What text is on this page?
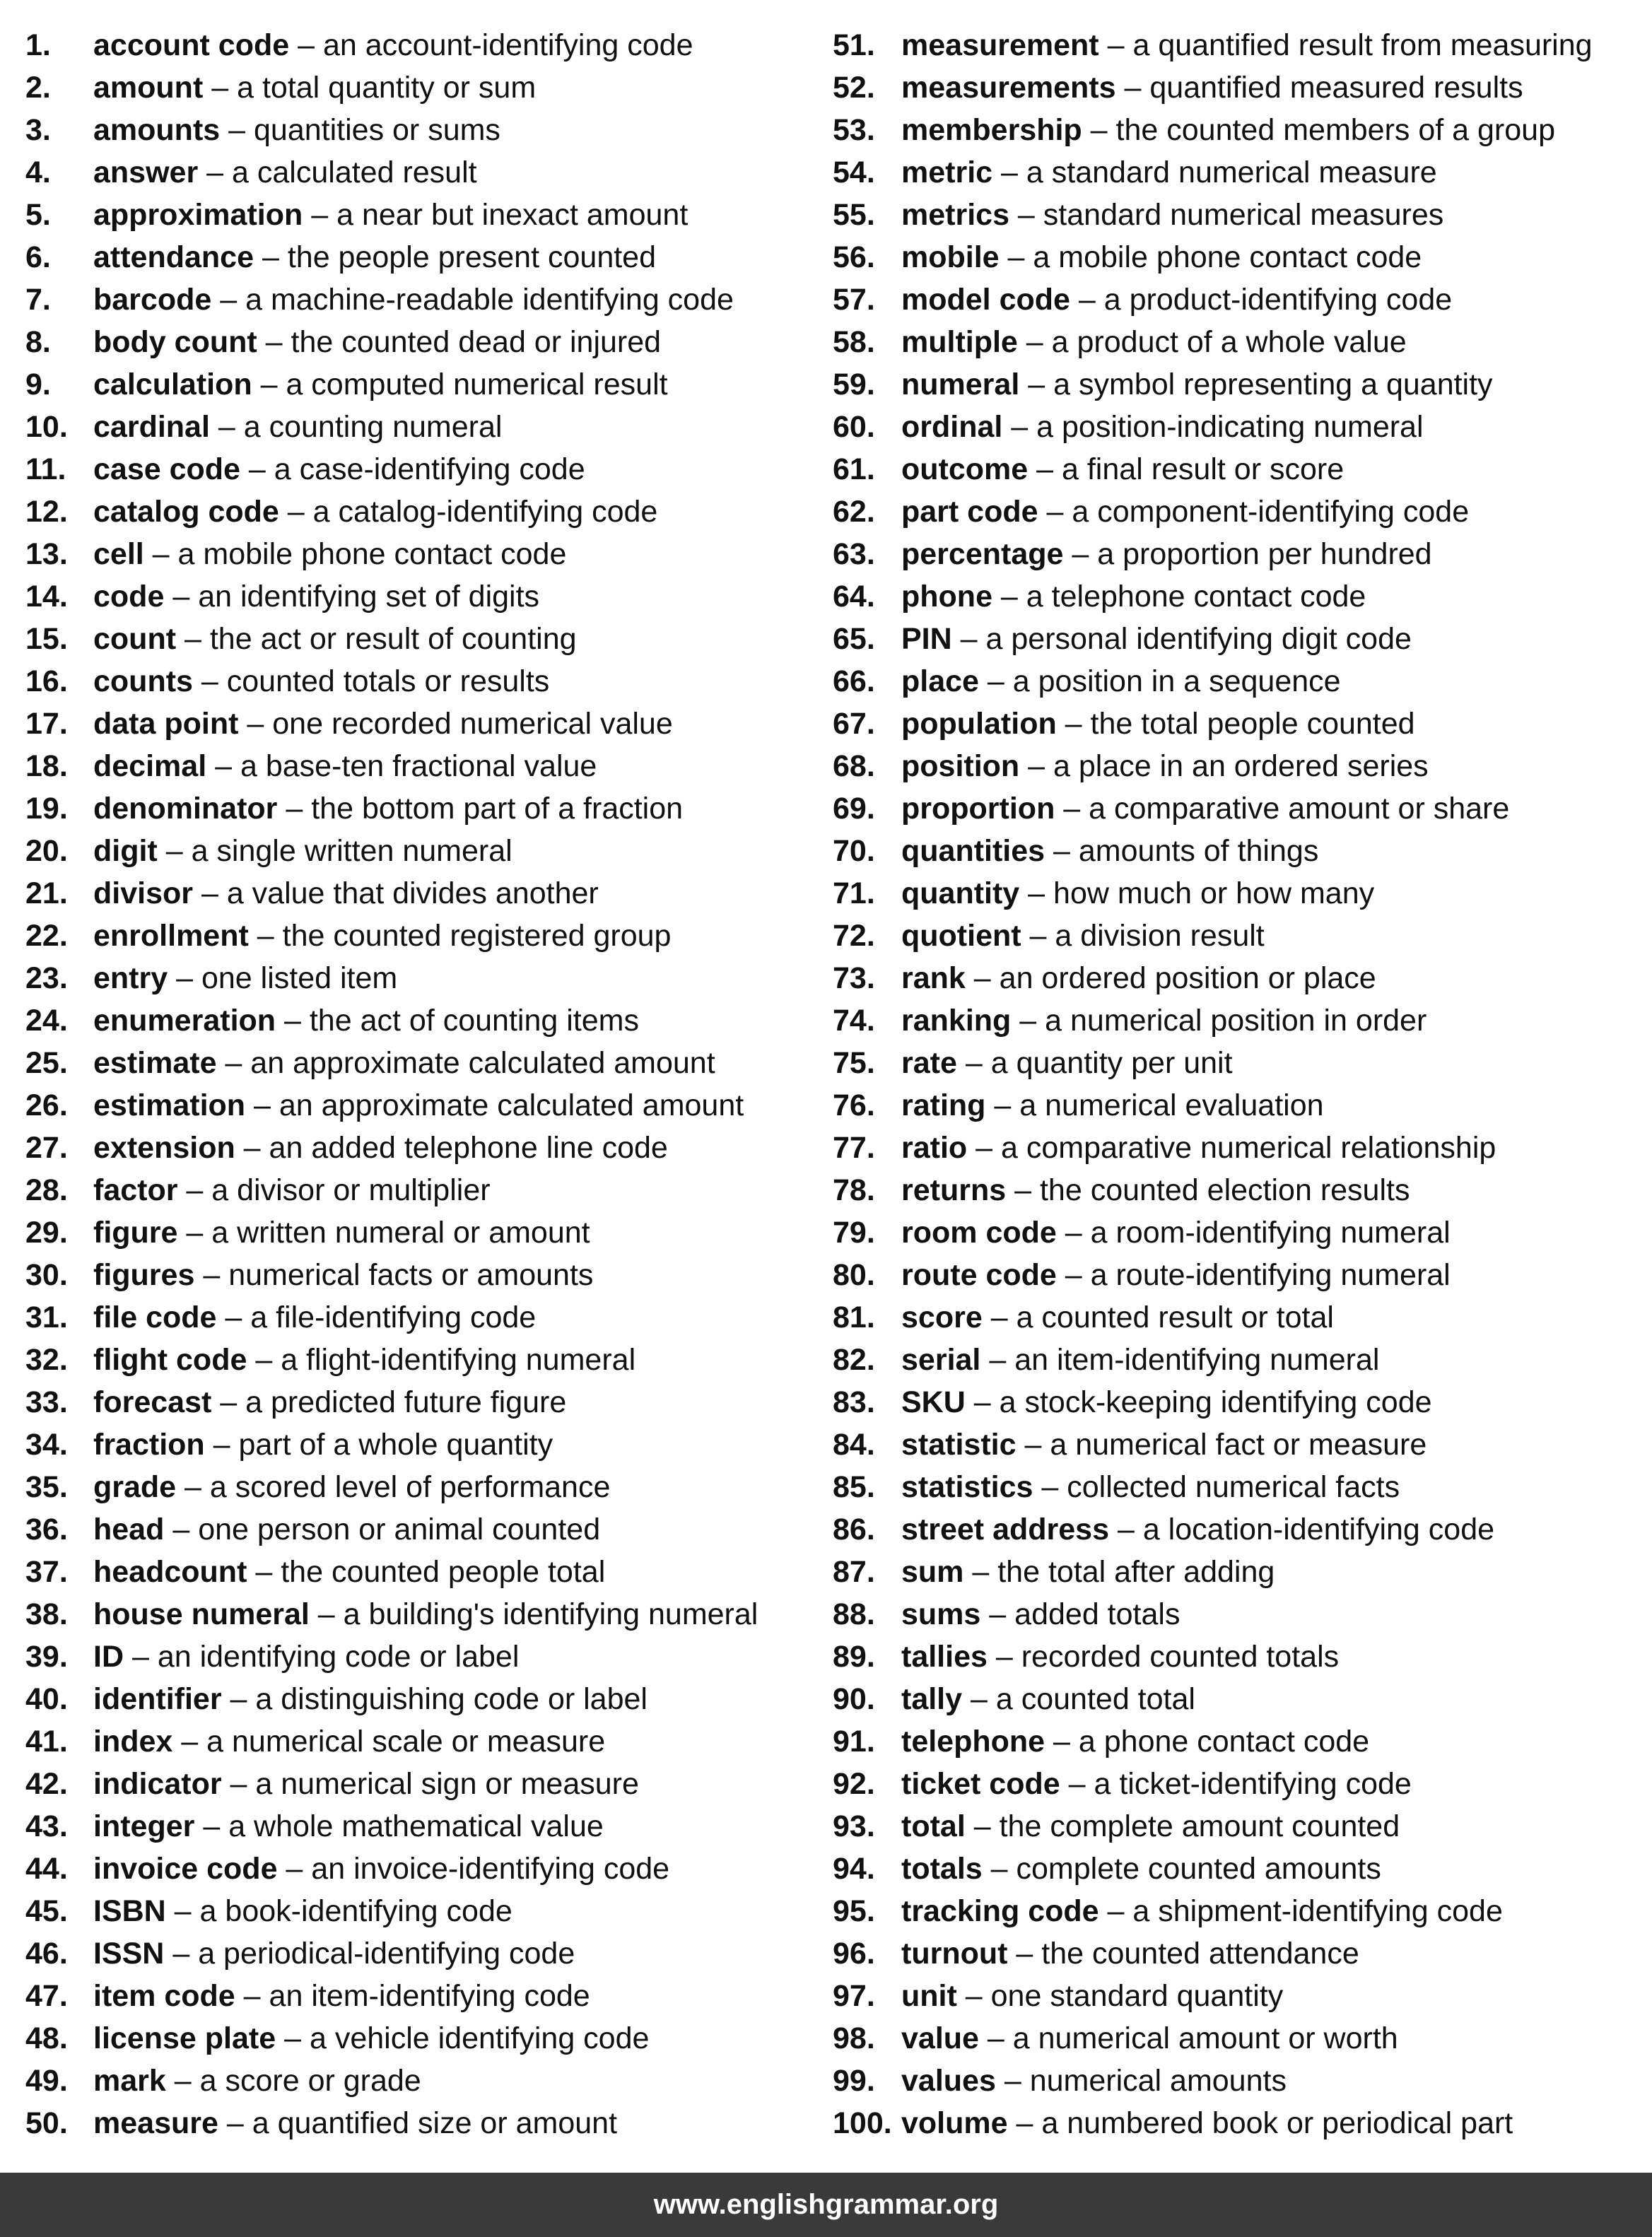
1.	account code – an account-identifying code
2.	amount – a total quantity or sum
3.	amounts – quantities or sums
4.	answer – a calculated result
5.	approximation – a near but inexact amount
6.	attendance – the people present counted
7.	barcode – a machine-readable identifying code
8.	body count – the counted dead or injured
9.	calculation – a computed numerical result
10. cardinal – a counting numeral
11. case code – a case-identifying code
12. catalog code – a catalog-identifying code
13. cell – a mobile phone contact code
14. code – an identifying set of digits
15. count – the act or result of counting
16. counts – counted totals or results
17. data point – one recorded numerical value
18. decimal – a base-ten fractional value
19. denominator – the bottom part of a fraction
20. digit – a single written numeral
21. divisor – a value that divides another
22. enrollment – the counted registered group
23. entry – one listed item
24. enumeration – the act of counting items
25. estimate – an approximate calculated amount
26. estimation – an approximate calculated amount
27. extension – an added telephone line code
28. factor – a divisor or multiplier
29. figure – a written numeral or amount
30. figures – numerical facts or amounts
31. file code – a file-identifying code
32. flight code – a flight-identifying numeral
33. forecast – a predicted future figure
34. fraction – part of a whole quantity
35. grade – a scored level of performance
36. head – one person or animal counted
37. headcount – the counted people total
38. house numeral – a building's identifying numeral
39. ID – an identifying code or label
40. identifier – a distinguishing code or label
41. index – a numerical scale or measure
42. indicator – a numerical sign or measure
43. integer – a whole mathematical value
44. invoice code – an invoice-identifying code
45. ISBN – a book-identifying code
46. ISSN – a periodical-identifying code
47. item code – an item-identifying code
48. license plate – a vehicle identifying code
49. mark – a score or grade
50. measure – a quantified size or amount
51. measurement – a quantified result from measuring
52. measurements – quantified measured results
53. membership – the counted members of a group
54. metric – a standard numerical measure
55. metrics – standard numerical measures
56. mobile – a mobile phone contact code
57. model code – a product-identifying code
58. multiple – a product of a whole value
59. numeral – a symbol representing a quantity
60. ordinal – a position-indicating numeral
61. outcome – a final result or score
62. part code – a component-identifying code
63. percentage – a proportion per hundred
64. phone – a telephone contact code
65. PIN – a personal identifying digit code
66. place – a position in a sequence
67. population – the total people counted
68. position – a place in an ordered series
69. proportion – a comparative amount or share
70. quantities – amounts of things
71. quantity – how much or how many
72. quotient – a division result
73. rank – an ordered position or place
74. ranking – a numerical position in order
75. rate – a quantity per unit
76. rating – a numerical evaluation
77. ratio – a comparative numerical relationship
78. returns – the counted election results
79. room code – a room-identifying numeral
80. route code – a route-identifying numeral
81. score – a counted result or total
82. serial – an item-identifying numeral
83. SKU – a stock-keeping identifying code
84. statistic – a numerical fact or measure
85. statistics – collected numerical facts
86. street address – a location-identifying code
87. sum – the total after adding
88. sums – added totals
89. tallies – recorded counted totals
90. tally – a counted total
91. telephone – a phone contact code
92. ticket code – a ticket-identifying code
93. total – the complete amount counted
94. totals – complete counted amounts
95. tracking code – a shipment-identifying code
96. turnout – the counted attendance
97. unit – one standard quantity
98. value – a numerical amount or worth
99. values – numerical amounts
100. volume – a numbered book or periodical part
www.englishgrammar.org
